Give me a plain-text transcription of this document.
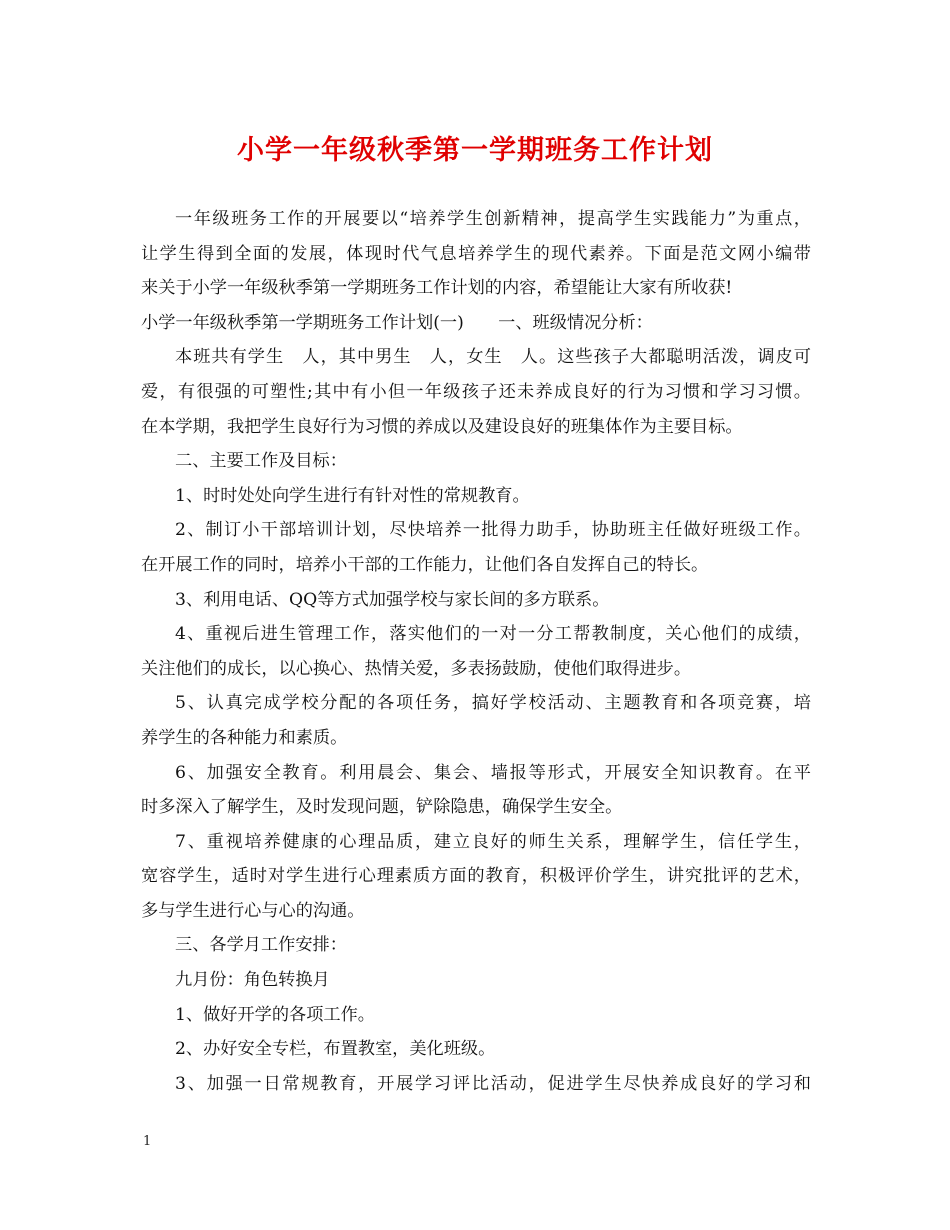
小学一年级秋季第一学期班务工作计划
一年级班务工作的开展要以“培养学生创新精神，提高学生实践能力”为重点，
让学生得到全面的发展，体现时代气息培养学生的现代素养。下面是范文网小编带
来关于小学一年级秋季第一学期班务工作计划的内容，希望能让大家有所收获!
小学一年级秋季第一学期班务工作计划(一)　　一、班级情况分析：
本班共有学生　人，其中男生　人，女生　人。这些孩子大都聪明活泼，调皮可
爱，有很强的可塑性;其中有小但一年级孩子还未养成良好的行为习惯和学习习惯。
在本学期，我把学生良好行为习惯的养成以及建设良好的班集体作为主要目标。
二、主要工作及目标：
1、时时处处向学生进行有针对性的常规教育。
2、制订小干部培训计划，尽快培养一批得力助手，协助班主任做好班级工作。
在开展工作的同时，培养小干部的工作能力，让他们各自发挥自己的特长。
3、利用电话、QQ等方式加强学校与家长间的多方联系。
4、重视后进生管理工作，落实他们的一对一分工帮教制度，关心他们的成绩，
关注他们的成长，以心换心、热情关爱，多表扬鼓励，使他们取得进步。
5、认真完成学校分配的各项任务，搞好学校活动、主题教育和各项竞赛，培
养学生的各种能力和素质。
6、加强安全教育。利用晨会、集会、墙报等形式，开展安全知识教育。在平
时多深入了解学生，及时发现问题，铲除隐患，确保学生安全。
7、重视培养健康的心理品质，建立良好的师生关系，理解学生，信任学生，
宽容学生，适时对学生进行心理素质方面的教育，积极评价学生，讲究批评的艺术，
多与学生进行心与心的沟通。
三、各学月工作安排：
九月份：角色转换月
1、做好开学的各项工作。
2、办好安全专栏，布置教室，美化班级。
3、加强一日常规教育，开展学习评比活动，促进学生尽快养成良好的学习和
1
